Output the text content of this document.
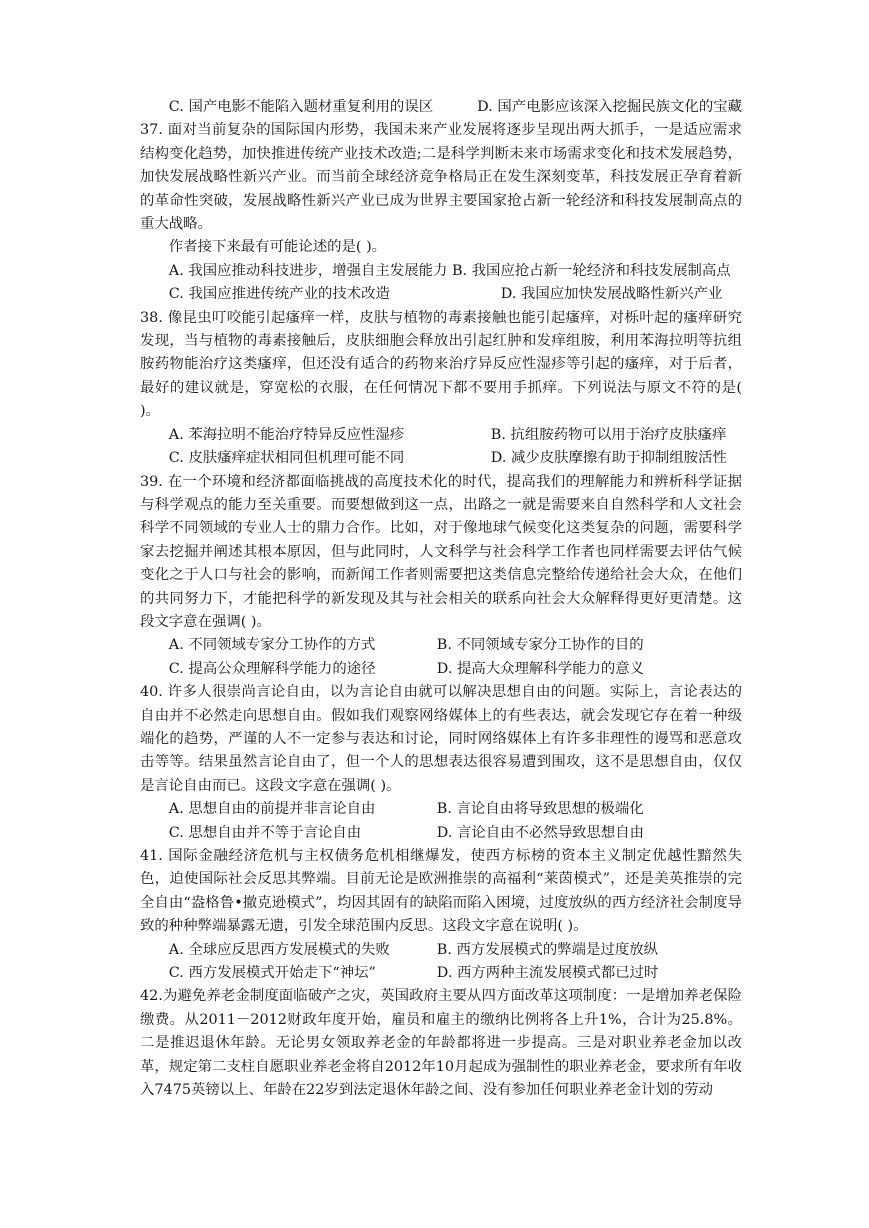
C. 国产电影不能陷入题材重复利用的误区	D. 国产电影应该深入挖掘民族文化的宝藏

37. 面对当前复杂的国际国内形势，我国未来产业发展将逐步呈现出两大抓手，一是适应需求结构变化趋势，加快推进传统产业技术改造;二是科学判断未来市场需求变化和技术发展趋势，加快发展战略性新兴产业。而当前全球经济竞争格局正在发生深刻变革，科技发展正孕育着新的革命性突破，发展战略性新兴产业已成为世界主要国家抢占新一轮经济和科技发展制高点的重大战略。

作者接下来最有可能论述的是( )。

A. 我国应推动科技进步，增强自主发展能力 B. 我国应抢占新一轮经济和科技发展制高点

C. 我国应推进传统产业的技术改造	D. 我国应加快发展战略性新兴产业

38. 像昆虫叮咬能引起瘙痒一样，皮肤与植物的毒素接触也能引起瘙痒，对栎叶起的瘙痒研究发现，当与植物的毒素接触后，皮肤细胞会释放出引起红肿和发痒组胺，利用苯海拉明等抗组胺药物能治疗这类瘙痒，但还没有适合的药物来治疗异反应性湿疹等引起的瘙痒，对于后者，最好的建议就是，穿宽松的衣服，在任何情况下都不要用手抓痒。下列说法与原文不符的是( )。

A. 苯海拉明不能治疗特异反应性湿疹	B. 抗组胺药物可以用于治疗皮肤瘙痒
C. 皮肤瘙痒症状相同但机理可能不同	D. 减少皮肤摩擦有助于抑制组胺活性

39. 在一个环境和经济都面临挑战的高度技术化的时代，提高我们的理解能力和辨析科学证据与科学观点的能力至关重要。而要想做到这一点，出路之一就是需要来自自然科学和人文社会科学不同领域的专业人士的鼎力合作。比如，对于像地球气候变化这类复杂的问题，需要科学家去挖掘并阐述其根本原因，但与此同时，人文科学与社会科学工作者也同样需要去评估气候变化之于人口与社会的影响，而新闻工作者则需要把这类信息完整给传递给社会大众，在他们的共同努力下，才能把科学的新发现及其与社会相关的联系向社会大众解释得更好更清楚。这段文字意在强调( )。

A. 不同领域专家分工协作的方式	B. 不同领域专家分工协作的目的
C. 提高公众理解科学能力的途径	D. 提高大众理解科学能力的意义

40. 许多人很崇尚言论自由，以为言论自由就可以解决思想自由的问题。实际上，言论表达的自由并不必然走向思想自由。假如我们观察网络媒体上的有些表达，就会发现它存在着一种级端化的趋势，严谨的人不一定参与表达和讨论，同时网络媒体上有许多非理性的谩骂和恶意攻击等等。结果虽然言论自由了，但一个人的思想表达很容易遭到围攻，这不是思想自由，仅仅是言论自由而已。这段文字意在强调( )。

A. 思想自由的前提并非言论自由	B. 言论自由将导致思想的极端化
C. 思想自由并不等于言论自由	D. 言论自由不必然导致思想自由

41. 国际金融经济危机与主权债务危机相继爆发，使西方标榜的资本主义制定优越性黯然失色，迫使国际社会反思其弊端。目前无论是欧洲推崇的高福利“莱茵模式”，还是美英推崇的完全自由“盎格鲁•撤克逊模式”，均因其固有的缺陷而陷入困境，过度放纵的西方经济社会制度导致的种种弊端暴露无遗，引发全球范围内反思。这段文字意在说明( )。

A. 全球应反思西方发展模式的失败	B. 西方发展模式的弊端是过度放纵
C. 西方发展模式开始走下“神坛”	D. 西方两种主流发展模式都已过时

42.为避免养老金制度面临破产之灾，英国政府主要从四方面改革这项制度：一是增加养老保险缴费。从2011－2012财政年度开始，雇员和雇主的缴纳比例将各上升1%，合计为25.8%。二是推迟退休年龄。无论男女领取养老金的年龄都将进一步提高。三是对职业养老金加以改革，规定第二支柱自愿职业养老金将自2012年10月起成为强制性的职业养老金，要求所有年收入7475英镑以上、年龄在22岁到法定退休年龄之间、没有参加任何职业养老金计划的劳动
